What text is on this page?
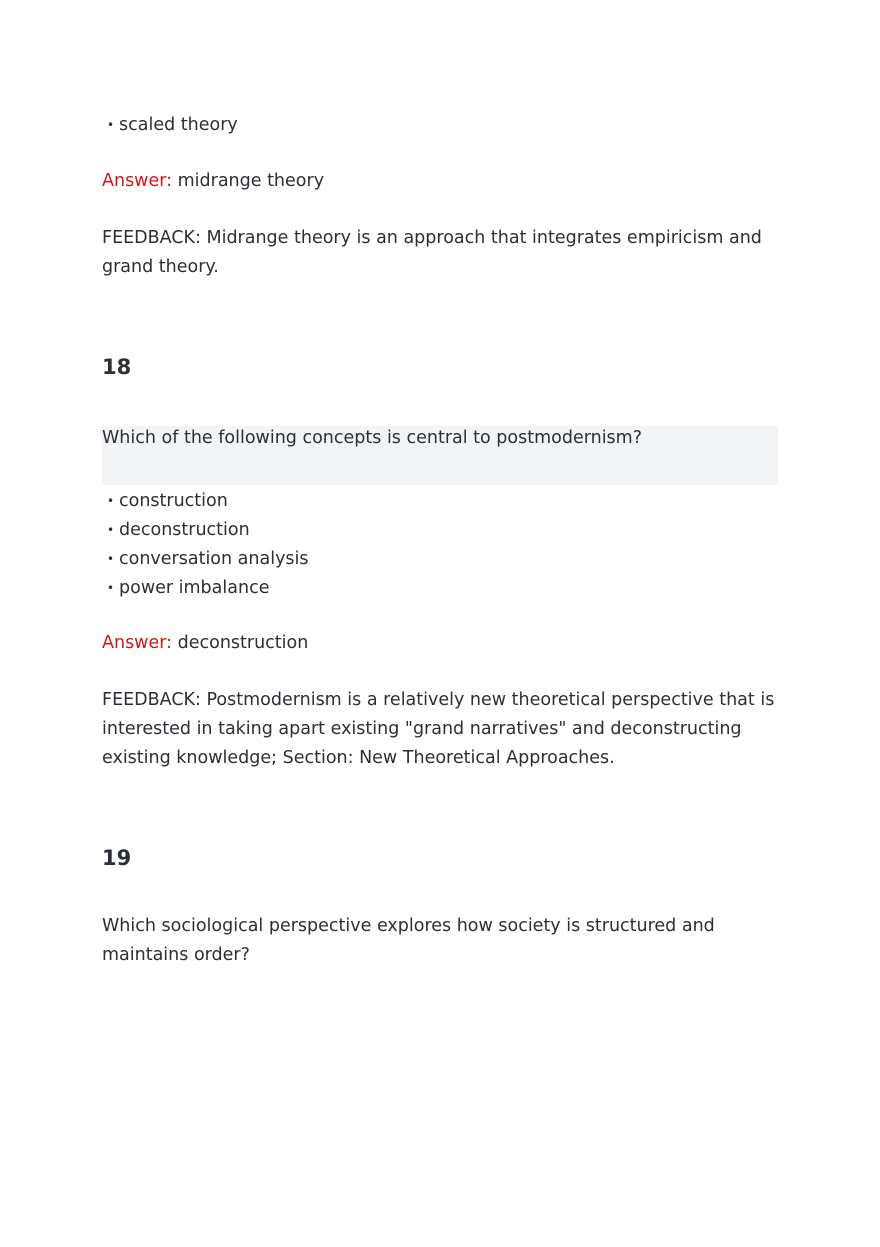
• scaled theory

Answer: midrange theory

FEEDBACK: Midrange theory is an approach that integrates empiricism and grand theory.

18

Which of the following concepts is central to postmodernism?

• construction
• deconstruction
• conversation analysis
• power imbalance

Answer: deconstruction

FEEDBACK: Postmodernism is a relatively new theoretical perspective that is interested in taking apart existing "grand narratives" and deconstructing existing knowledge; Section: New Theoretical Approaches.

19

Which sociological perspective explores how society is structured and maintains order?
